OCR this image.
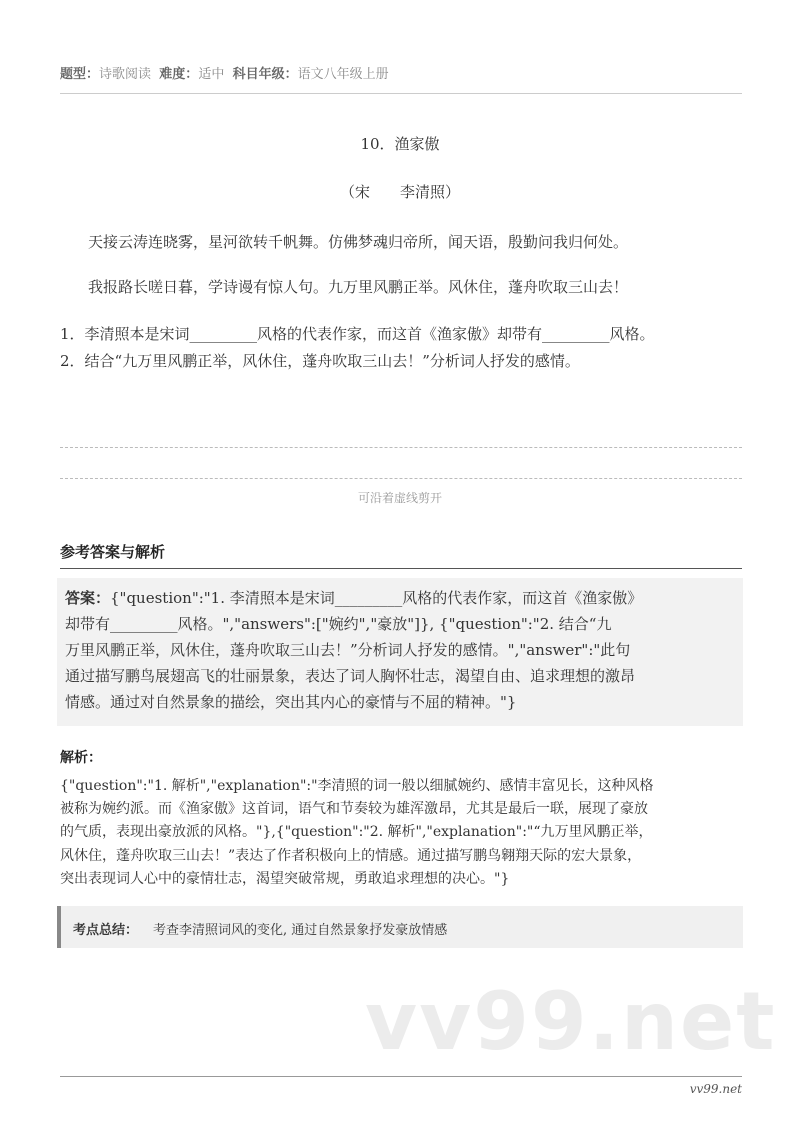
题型：诗歌阅读 难度：适中 科目年级：语文八年级上册
10．渔家傲
（宋　　李清照）
天接云涛连晓雾，星河欲转千帆舞。仿佛梦魂归帝所，闻天语，殷勤问我归何处。
我报路长嗟日暮，学诗谩有惊人句。九万里风鹏正举。风休住，蓬舟吹取三山去！
1．李清照本是宋词_________风格的代表作家，而这首《渔家傲》却带有_________风格。
2．结合“九万里风鹏正举，风休住，蓬舟吹取三山去！”分析词人抒发的感情。
可沿着虚线剪开
参考答案与解析
答案：{"question":"1. 李清照本是宋词_________风格的代表作家，而这首《渔家傲》
却带有_________风格。","answers":["婉约","豪放"]}, {"question":"2. 结合“九
万里风鹏正举，风休住，蓬舟吹取三山去！”分析词人抒发的感情。","answer":"此句
通过描写鹏鸟展翅高飞的壮丽景象，表达了词人胸怀壮志，渴望自由、追求理想的激昂
情感。通过对自然景象的描绘，突出其内心的豪情与不屈的精神。"}
解析：
{"question":"1. 解析","explanation":"李清照的词一般以细腻婉约、感情丰富见长，这种风格
被称为婉约派。而《渔家傲》这首词，语气和节奏较为雄浑激昂，尤其是最后一联，展现了豪放
的气质，表现出豪放派的风格。"},{"question":"2. 解析","explanation":"“九万里风鹏正举，
风休住，蓬舟吹取三山去！”表达了作者积极向上的情感。通过描写鹏鸟翱翔天际的宏大景象，
突出表现词人心中的豪情壮志，渴望突破常规，勇敢追求理想的决心。"}
考点总结： 考查李清照词风的变化, 通过自然景象抒发豪放情感
vv99.net
vv99.net
